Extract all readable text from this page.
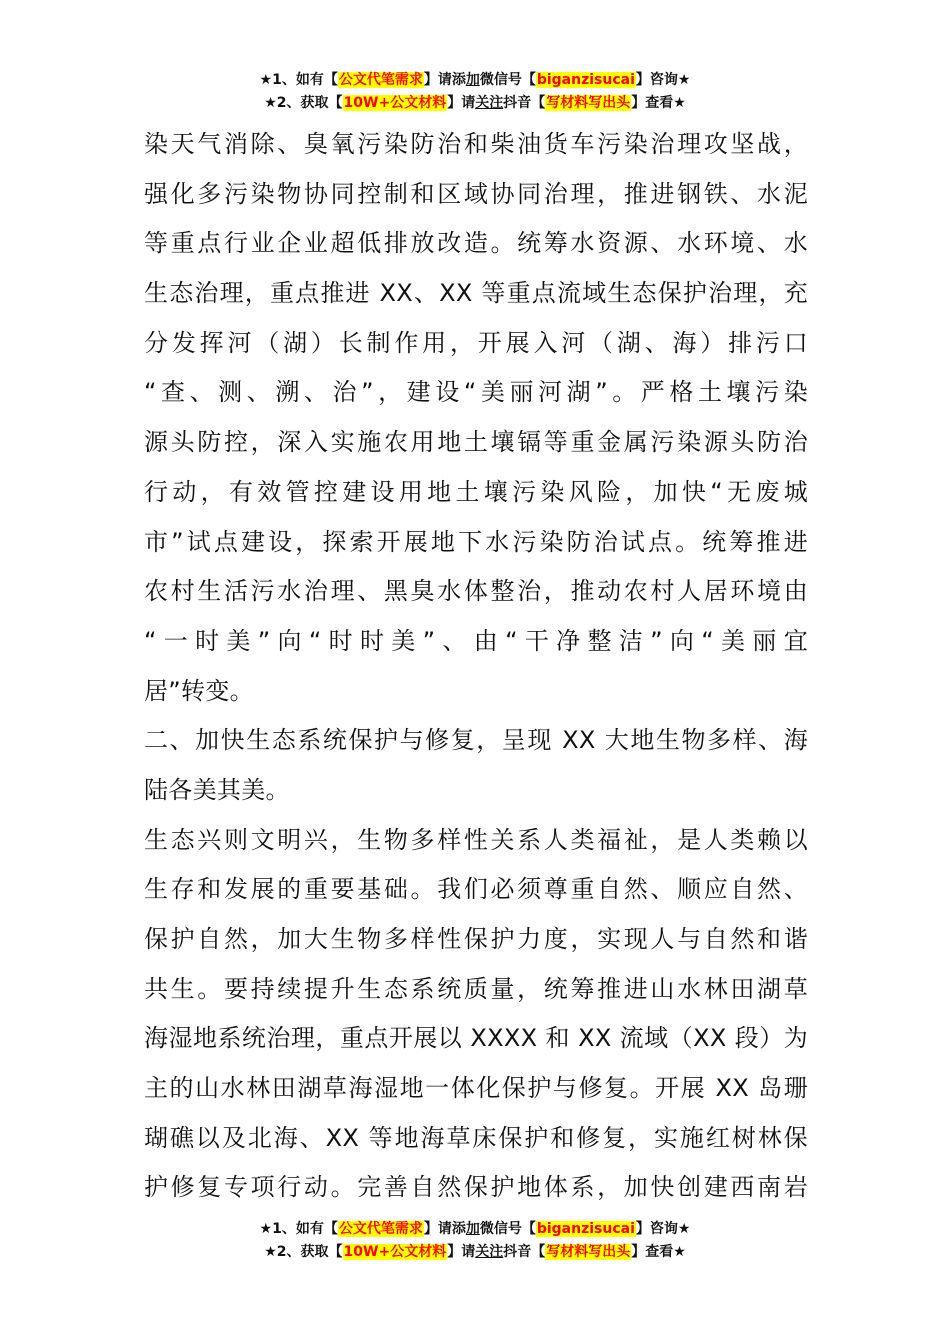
★1、如有【公文代笔需求】请添加微信号【biganzisucai】咨询★
★2、获取【10W+公文材料】请关注抖音【写材料写出头】查看★
染天气消除、臭氧污染防治和柴油货车污染治理攻坚战，
强化多污染物协同控制和区域协同治理，推进钢铁、水泥
等重点行业企业超低排放改造。统筹水资源、水环境、水
生态治理，重点推进 XX、XX 等重点流域生态保护治理，充
分发挥河（湖）长制作用，开展入河（湖、海）排污口
“查、测、溯、治”，建设“美丽河湖”。严格土壤污染
源头防控，深入实施农用地土壤镉等重金属污染源头防治
行动，有效管控建设用地土壤污染风险，加快“无废城
市”试点建设，探索开展地下水污染防治试点。统筹推进
农村生活污水治理、黑臭水体整治，推动农村人居环境由
“一时美”向“时时美”、由“干净整洁”向“美丽宜
居”转变。
二、加快生态系统保护与修复，呈现 XX 大地生物多样、海
陆各美其美。
生态兴则文明兴，生物多样性关系人类福祉，是人类赖以
生存和发展的重要基础。我们必须尊重自然、顺应自然、
保护自然，加大生物多样性保护力度，实现人与自然和谐
共生。要持续提升生态系统质量，统筹推进山水林田湖草
海湿地系统治理，重点开展以 XXXX 和 XX 流域（XX 段）为
主的山水林田湖草海湿地一体化保护与修复。开展 XX 岛珊
瑚礁以及北海、XX 等地海草床保护和修复，实施红树林保
护修复专项行动。完善自然保护地体系，加快创建西南岩
★1、如有【公文代笔需求】请添加微信号【biganzisucai】咨询★
★2、获取【10W+公文材料】请关注抖音【写材料写出头】查看★
